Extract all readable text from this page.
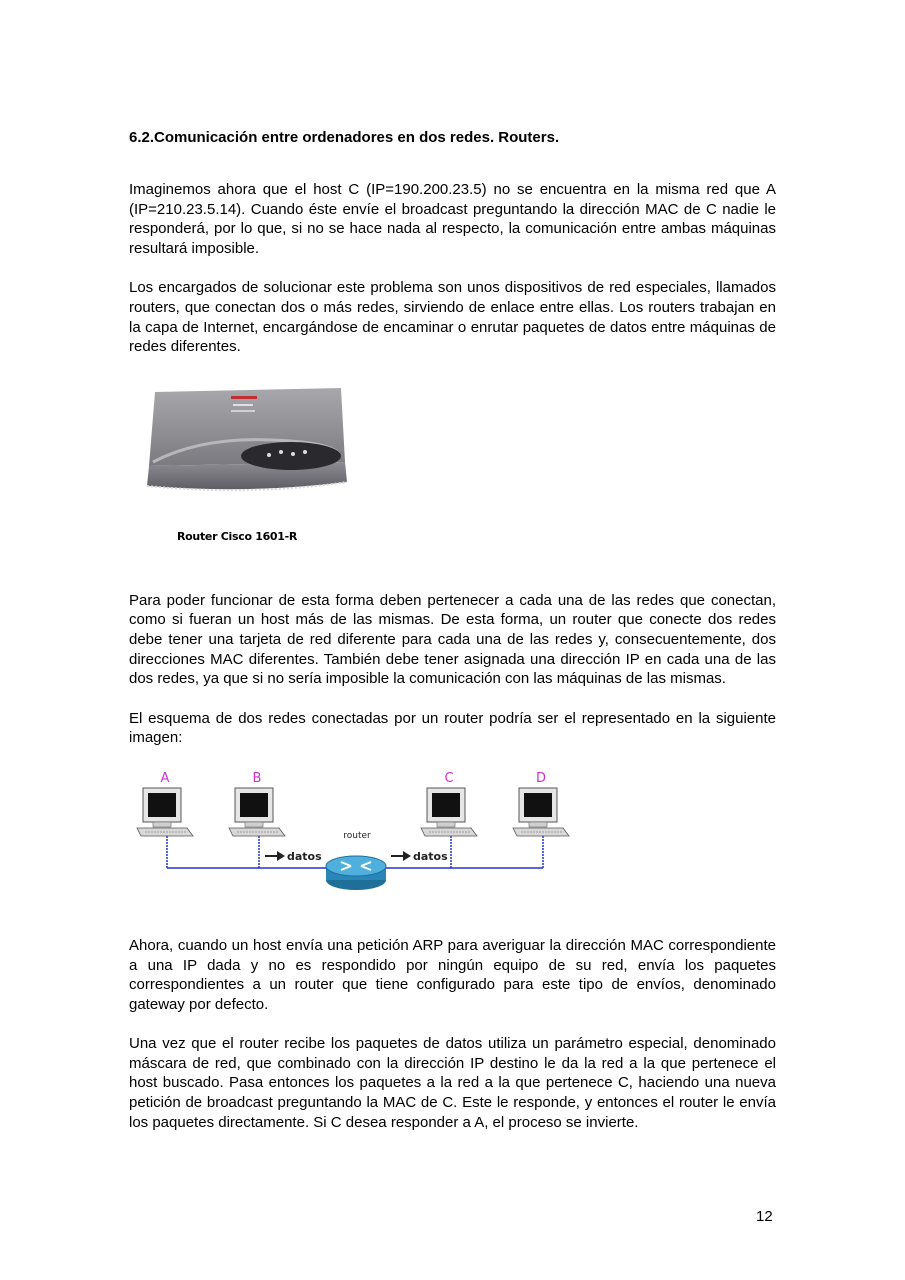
6.2.Comunicación entre ordenadores en dos redes. Routers.

Imaginemos ahora que el host C (IP=190.200.23.5) no se encuentra en la misma red que A (IP=210.23.5.14). Cuando éste envíe el broadcast preguntando la dirección MAC de C nadie le responderá, por lo que, si no se hace nada al respecto, la comunicación entre ambas máquinas resultará imposible.

Los encargados de solucionar este problema son unos dispositivos de red especiales, llamados routers, que conectan dos o más redes, sirviendo de enlace entre ellas. Los routers trabajan en la capa de Internet, encargándose de encaminar o enrutar paquetes de datos entre máquinas de redes diferentes.

Router Cisco 1601-R

Para poder funcionar de esta forma deben pertenecer a cada una de las redes que conectan, como si fueran un host más de las mismas. De esta forma, un router que conecte dos redes debe tener una tarjeta de red diferente para cada una de las redes y, consecuentemente, dos direcciones MAC diferentes. También debe tener asignada una dirección IP en cada una de las dos redes, ya que si no sería imposible la comunicación con las máquinas de las mismas.

El esquema de dos redes conectadas por un router podría ser el representado en la siguiente imagen:

A	B	C	D
datos	datos
router

Ahora, cuando un host envía una petición ARP para averiguar la dirección MAC correspondiente a una IP dada y no es respondido por ningún equipo de su red, envía los paquetes correspondientes a un router que tiene configurado para este tipo de envíos, denominado gateway por defecto.

Una vez que el router recibe los paquetes de datos utiliza un parámetro especial, denominado máscara de red, que combinado con la dirección IP destino le da la red a la que pertenece el host buscado. Pasa entonces los paquetes a la red a la que pertenece C, haciendo una nueva petición de broadcast preguntando la MAC de C. Este le responde, y entonces el router le envía los paquetes directamente. Si C desea responder a A, el proceso se invierte.

12
